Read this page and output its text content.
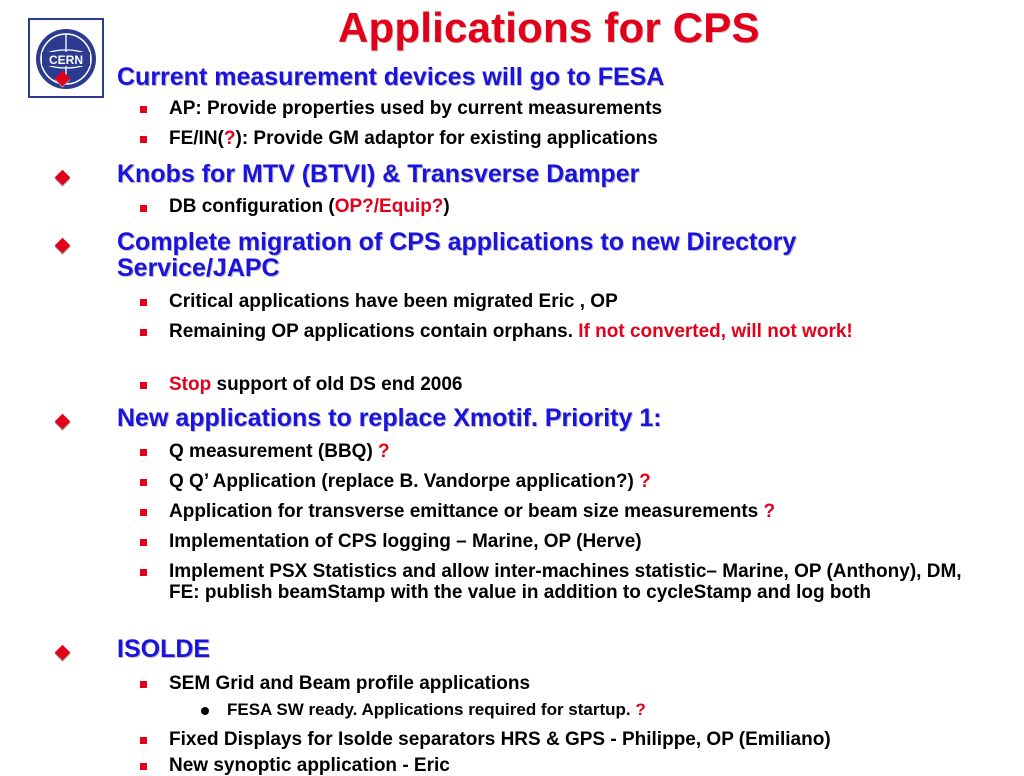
CERN
Applications for CPS
Current measurement devices will go to FESA
AP: Provide properties used by current measurements
FE/IN(?): Provide GM adaptor for existing applications
Knobs for MTV (BTVI) & Transverse Damper
DB configuration (OP?/Equip?)
Complete migration of CPS applications to new Directory Service/JAPC
Critical applications have been migrated Eric , OP
Remaining OP applications contain orphans. If not converted, will not work!
Stop support of old DS end 2006
New applications to replace Xmotif. Priority 1:
Q measurement (BBQ) ?
Q Q’ Application (replace B. Vandorpe application?) ?
Application for transverse emittance or beam size measurements ?
Implementation of CPS logging – Marine, OP (Herve)
Implement PSX Statistics and allow inter-machines statistic– Marine, OP (Anthony), DM, FE: publish beamStamp with the value in addition to cycleStamp and log both
ISOLDE
SEM Grid and Beam profile applications
FESA SW ready. Applications required for startup. ?
Fixed Displays for Isolde separators HRS & GPS - Philippe, OP (Emiliano)
New synoptic application - Eric
